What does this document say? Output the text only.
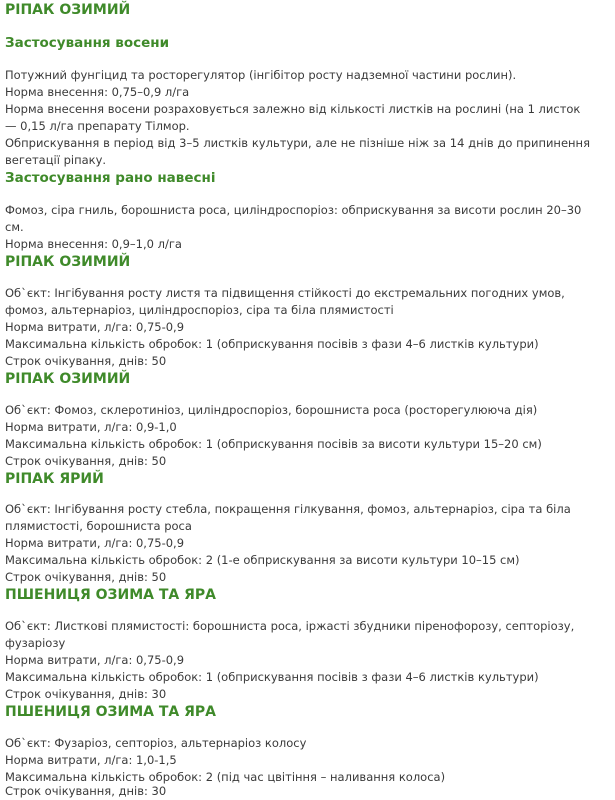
РІПАК ОЗИМИЙ
Застосування восени
Потужний фунгіцид та росторегулятор (інгібітор росту надземної частини рослин).
Норма внесення: 0,75–0,9 л/га
Норма внесення восени розраховується залежно від кількості листків на рослині (на 1 листок — 0,15 л/га препарату Тілмор.
Обприскування в період від 3–5 листків культури, але не пізніше ніж за 14 днів до припинення вегетації ріпаку.
Застосування рано навесні
Фомоз, сіра гниль, борошниста роса, циліндроспоріоз: обприскування за висоти рослин 20–30 см.
Норма внесення: 0,9–1,0 л/га
РІПАК ОЗИМИЙ
Об`єкт: Інгібування росту листя та підвищення стійкості до екстремальних погодних умов, фомоз, альтернаріоз, циліндроспоріоз, сіра та біла плямистості
Норма витрати, л/га: 0,75-0,9
Максимальна кількість обробок: 1 (обприскування посівів з фази 4–6 листків культури)
Строк очікування, днів: 50
РІПАК ОЗИМИЙ
Об`єкт: Фомоз, склеротиніоз, циліндроспоріоз, борошниста роса (росторегулююча дія)
Норма витрати, л/га: 0,9-1,0
Максимальна кількість обробок: 1 (обприскування посівів за висоти культури 15–20 см)
Строк очікування, днів: 50
РІПАК ЯРИЙ
Об`єкт: Інгібування росту стебла, покращення гілкування, фомоз, альтернаріоз, сіра та біла плямистості, борошниста роса
Норма витрати, л/га: 0,75-0,9
Максимальна кількість обробок: 2 (1-е обприскування за висоти культури 10–15 см)
Строк очікування, днів: 50
ПШЕНИЦЯ ОЗИМА ТА ЯРА
Об`єкт: Листкові плямистості: борошниста роса, іржасті збудники піренофорозу, септоріозу, фузаріозу
Норма витрати, л/га: 0,75-0,9
Максимальна кількість обробок: 1 (обприскування посівів з фази 4–6 листків культури)
Строк очікування, днів: 30
ПШЕНИЦЯ ОЗИМА ТА ЯРА
Об`єкт: Фузаріоз, септоріоз, альтернаріоз колосу
Норма витрати, л/га: 1,0-1,5
Максимальна кількість обробок: 2 (під час цвітіння – наливання колоса)
Строк очікування, днів: 30
